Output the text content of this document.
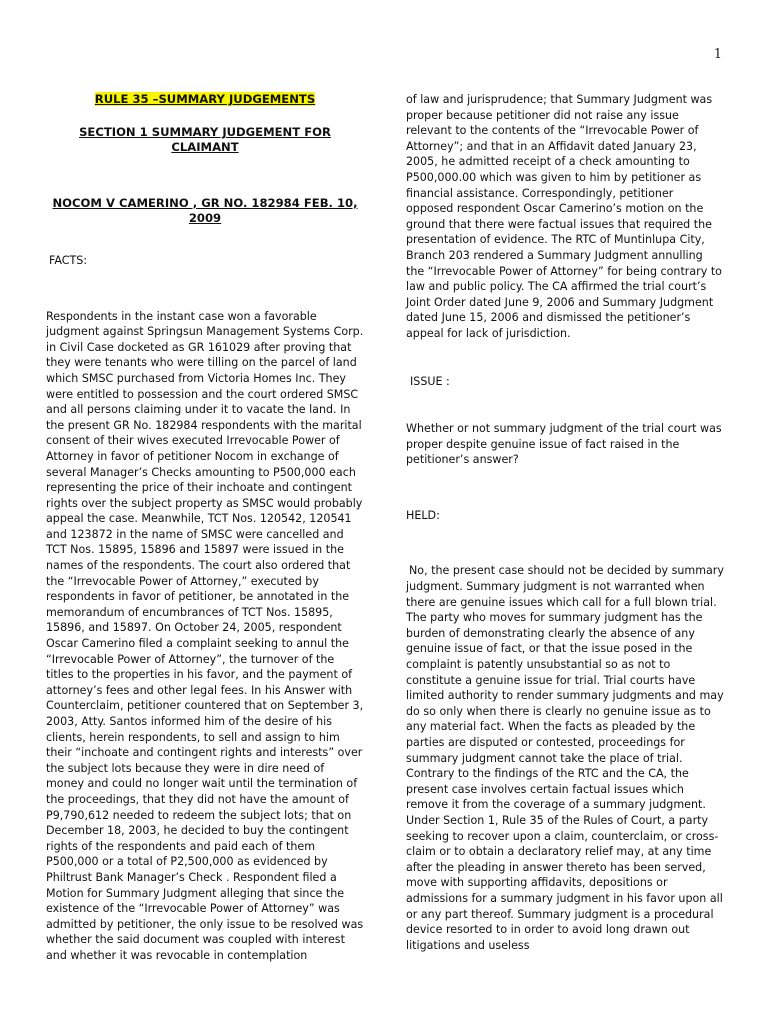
1
RULE 35 –SUMMARY JUDGEMENTS
SECTION 1 SUMMARY JUDGEMENT FOR CLAIMANT
NOCOM V CAMERINO , GR NO. 182984 FEB. 10, 2009

FACTS:

Respondents in the instant case won a favorable judgment against Springsun Management Systems Corp. in Civil Case docketed as GR 161029 after proving that they were tenants who were tilling on the parcel of land which SMSC purchased from Victoria Homes Inc. They were entitled to possession and the court ordered SMSC and all persons claiming under it to vacate the land. In the present GR No. 182984 respondents with the marital consent of their wives executed Irrevocable Power of Attorney in favor of petitioner Nocom in exchange of several Manager’s Checks amounting to P500,000 each representing the price of their inchoate and contingent rights over the subject property as SMSC would probably appeal the case. Meanwhile, TCT Nos. 120542, 120541 and 123872 in the name of SMSC were cancelled and TCT Nos. 15895, 15896 and 15897 were issued in the names of the respondents. The court also ordered that the “Irrevocable Power of Attorney,” executed by respondents in favor of petitioner, be annotated in the memorandum of encumbrances of TCT Nos. 15895, 15896, and 15897. On October 24, 2005, respondent Oscar Camerino filed a complaint seeking to annul the “Irrevocable Power of Attorney”, the turnover of the titles to the properties in his favor, and the payment of attorney’s fees and other legal fees. In his Answer with Counterclaim, petitioner countered that on September 3, 2003, Atty. Santos informed him of the desire of his clients, herein respondents, to sell and assign to him their “inchoate and contingent rights and interests” over the subject lots because they were in dire need of money and could no longer wait until the termination of the proceedings, that they did not have the amount of P9,790,612 needed to redeem the subject lots; that on December 18, 2003, he decided to buy the contingent rights of the respondents and paid each of them P500,000 or a total of P2,500,000 as evidenced by Philtrust Bank Manager’s Check . Respondent filed a Motion for Summary Judgment alleging that since the existence of the “Irrevocable Power of Attorney” was admitted by petitioner, the only issue to be resolved was whether the said document was coupled with interest and whether it was revocable in contemplation

of law and jurisprudence; that Summary Judgment was proper because petitioner did not raise any issue relevant to the contents of the “Irrevocable Power of Attorney”; and that in an Affidavit dated January 23, 2005, he admitted receipt of a check amounting to P500,000.00 which was given to him by petitioner as financial assistance. Correspondingly, petitioner opposed respondent Oscar Camerino’s motion on the ground that there were factual issues that required the presentation of evidence. The RTC of Muntinlupa City, Branch 203 rendered a Summary Judgment annulling the “Irrevocable Power of Attorney” for being contrary to law and public policy. The CA affirmed the trial court’s Joint Order dated June 9, 2006 and Summary Judgment dated June 15, 2006 and dismissed the petitioner’s appeal for lack of jurisdiction.

ISSUE :

Whether or not summary judgment of the trial court was proper despite genuine issue of fact raised in the petitioner’s answer?

HELD:

No, the present case should not be decided by summary judgment. Summary judgment is not warranted when there are genuine issues which call for a full blown trial. The party who moves for summary judgment has the burden of demonstrating clearly the absence of any genuine issue of fact, or that the issue posed in the complaint is patently unsubstantial so as not to constitute a genuine issue for trial. Trial courts have limited authority to render summary judgments and may do so only when there is clearly no genuine issue as to any material fact. When the facts as pleaded by the parties are disputed or contested, proceedings for summary judgment cannot take the place of trial. Contrary to the findings of the RTC and the CA, the present case involves certain factual issues which remove it from the coverage of a summary judgment. Under Section 1, Rule 35 of the Rules of Court, a party seeking to recover upon a claim, counterclaim, or cross-claim or to obtain a declaratory relief may, at any time after the pleading in answer thereto has been served, move with supporting affidavits, depositions or admissions for a summary judgment in his favor upon all or any part thereof. Summary judgment is a procedural device resorted to in order to avoid long drawn out litigations and useless
